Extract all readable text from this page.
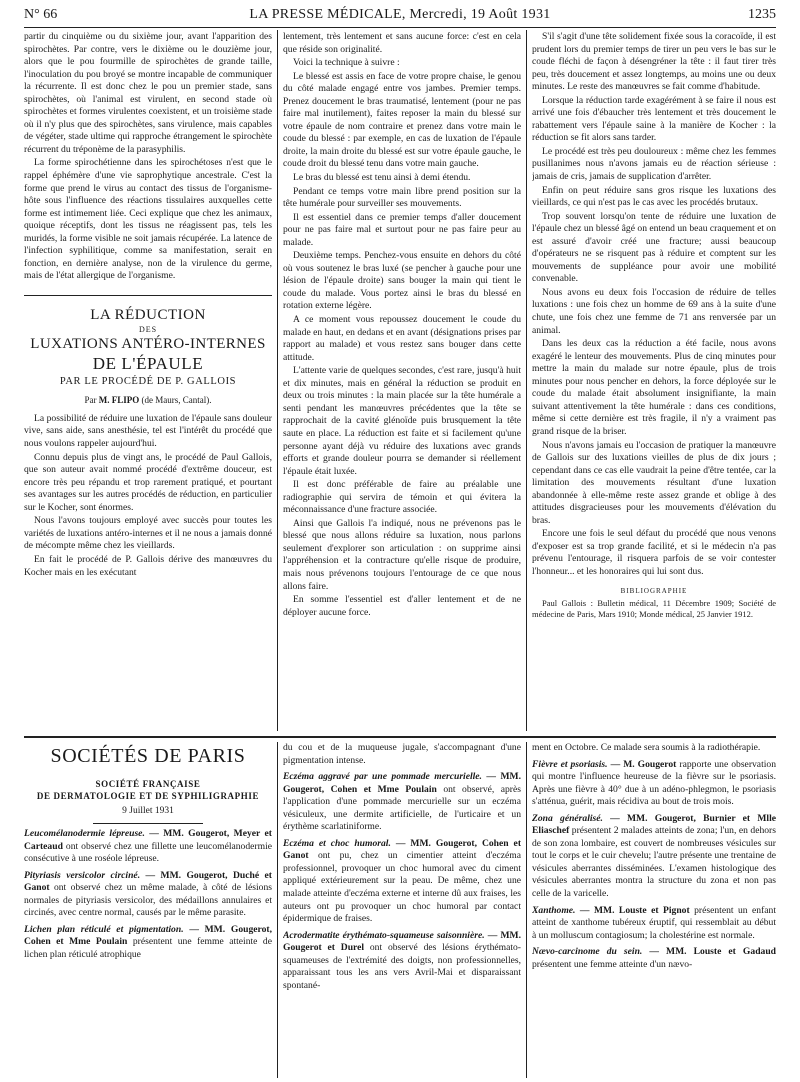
N° 66	LA PRESSE MÉDICALE, Mercredi, 19 Août 1931	1235

partir du cinquième ou du sixième jour, avant l'apparition des spirochètes. Par contre, vers le dixième ou le douzième jour, alors que le pou fourmille de spirochètes de grande taille, l'inoculation du pou broyé se montre incapable de communiquer la récurrente. Il est donc chez le pou un premier stade, sans spirochètes, où l'animal est virulent, en second stade où spirochètes et formes virulentes coexistent, et un troisième stade où il n'y plus que des spirochètes, sans virulence, mais capables de végéter, stade ultime qui rapproche étrangement le spirochète récurrent du tréponème de la parasyphilis.

La forme spirochétienne dans les spirochétoses n'est que le rappel éphémère d'une vie saprophytique ancestrale. C'est la forme que prend le virus au contact des tissus de l'organisme-hôte sous l'influence des réactions tissulaires auxquelles cette forme est intimement liée. Ceci explique que chez les animaux, quoique réceptifs, dont les tissus ne réagissent pas, tels les muridés, la forme visible ne soit jamais récupérée. La latence de l'infection syphilitique, comme sa manifestation, serait en fonction, en dernière analyse, non de la virulence du germe, mais de l'état allergique de l'organisme.

LA RÉDUCTION
DES
LUXATIONS ANTÉRO-INTERNES
DE L'ÉPAULE
PAR LE PROCÉDÉ DE P. GALLOIS
Par M. FLIPO (de Maurs, Cantal).

La possibilité de réduire une luxation de l'épaule sans douleur vive, sans aide, sans anesthésie, tel est l'intérêt du procédé que nous voulons rappeler aujourd'hui.

Connu depuis plus de vingt ans, le procédé de Paul Gallois, que son auteur avait nommé procédé d'extrême douceur, est encore très peu répandu et trop rarement pratiqué, et pourtant ses avantages sur les autres procédés de réduction, en particulier sur le Kocher, sont énormes.

Nous l'avons toujours employé avec succès pour toutes les variétés de luxations antéro-internes et il ne nous a jamais donné de mécompte même chez les vieillards.

En fait le procédé de P. Gallois dérive des manœuvres du Kocher mais en les exécutant

lentement, très lentement et sans aucune force: c'est en cela que réside son originalité.

Voici la technique à suivre :

Le blessé est assis en face de votre propre chaise, le genou du côté malade engagé entre vos jambes. Premier temps. Prenez doucement le bras traumatisé, lentement (pour ne pas faire mal inutilement), faites reposer la main du blessé sur votre épaule de nom contraire et prenez dans votre main le coude du blessé : par exemple, en cas de luxation de l'épaule droite, la main droite du blessé est sur votre épaule gauche, le coude droit du blessé tenu dans votre main gauche.

Le bras du blessé est tenu ainsi à demi étendu.

Pendant ce temps votre main libre prend position sur la tête humérale pour surveiller ses mouvements.

Il est essentiel dans ce premier temps d'aller doucement pour ne pas faire mal et surtout pour ne pas faire peur au malade.

Deuxième temps. Penchez-vous ensuite en dehors du côté où vous soutenez le bras luxé (se pencher à gauche pour une lésion de l'épaule droite) sans bouger la main qui tient le coude du malade. Vous portez ainsi le bras du blessé en rotation externe légère.

A ce moment vous repoussez doucement le coude du malade en haut, en dedans et en avant (désignations prises par rapport au malade) et vous restez sans bouger dans cette attitude.

L'attente varie de quelques secondes, c'est rare, jusqu'à huit et dix minutes, mais en général la réduction se produit en deux ou trois minutes : la main placée sur la tête humérale a senti pendant les manœuvres précédentes que la tête se rapprochait de la cavité glénoïde puis brusquement la tête saute en place. La réduction est faite et si facilement qu'une personne ayant déjà vu réduire des luxations avec grands efforts et grande douleur pourra se demander si réellement l'épaule était luxée.

Il est donc préférable de faire au préalable une radiographie qui servira de témoin et qui évitera la méconnaissance d'une fracture associée.

Ainsi que Gallois l'a indiqué, nous ne prévenons pas le blessé que nous allons réduire sa luxation, nous parlons seulement d'explorer son articulation : on supprime ainsi l'appréhension et la contracture qu'elle risque de produire, mais nous prévenons toujours l'entourage de ce que nous allons faire.

En somme l'essentiel est d'aller lentement et de ne déployer aucune force.

S'il s'agit d'une tête solidement fixée sous la coracoïde, il est prudent lors du premier temps de tirer un peu vers le bas sur le coude fléchi de façon à désengréner la tête : il faut tirer très peu, très doucement et assez longtemps, au moins une ou deux minutes. Le reste des manœuvres se fait comme d'habitude.

Lorsque la réduction tarde exagérément à se faire il nous est arrivé une fois d'ébaucher très lentement et très doucement le rabattement vers l'épaule saine à la manière de Kocher : la réduction se fit alors sans tarder.

Le procédé est très peu douloureux : même chez les femmes pusillanimes nous n'avons jamais eu de réaction sérieuse : jamais de cris, jamais de supplication d'arrêter.

Enfin on peut réduire sans gros risque les luxations des vieillards, ce qui n'est pas le cas avec les procédés brutaux.

Trop souvent lorsqu'on tente de réduire une luxation de l'épaule chez un blessé âgé on entend un beau craquement et on est assuré d'avoir créé une fracture; aussi beaucoup d'opérateurs ne se risquent pas à réduire et comptent sur les mouvements de suppléance pour avoir une mobilité convenable.

Nous avons eu deux fois l'occasion de réduire de telles luxations : une fois chez un homme de 69 ans à la suite d'une chute, une fois chez une femme de 71 ans renversée par un animal.

Dans les deux cas la réduction a été facile, nous avons exagéré le lenteur des mouvements. Plus de cinq minutes pour mettre la main du malade sur notre épaule, plus de trois minutes pour nous pencher en dehors, la force déployée sur le coude du malade était absolument insignifiante, la main suivant attentivement la tête humérale : dans ces conditions, même si cette dernière est très fragile, il n'y a vraiment pas grand risque de la briser.

Nous n'avons jamais eu l'occasion de pratiquer la manœuvre de Gallois sur des luxations vieilles de plus de dix jours ; cependant dans ce cas elle vaudrait la peine d'être tentée, car la limitation des mouvements résultant d'une luxation abandonnée à elle-même reste assez grande et oblige à des attitudes disgracieuses pour les mouvements d'élévation du bras.

Encore une fois le seul défaut du procédé que nous venons d'exposer est sa trop grande facilité, et si le médecin n'a pas prévenu l'entourage, il risquera parfois de se voir contester l'honneur... et les honoraires qui lui sont dus.

BIBLIOGRAPHIE

Paul Gallois : Bulletin médical, 11 Décembre 1909; Société de médecine de Paris, Mars 1910; Monde médical, 25 Janvier 1912.

SOCIÉTÉS DE PARIS
SOCIÉTÉ FRANÇAISE
DE DERMATOLOGIE ET DE SYPHILIGRAPHIE
9 Juillet 1931

Leucomélanodermie lépreuse. — MM. Gougerot, Meyer et Carteaud ont observé chez une fillette une leucomélanodermie consécutive à une roséole lépreuse.

Pityriasis versicolor circiné. — MM. Gougerot, Duché et Ganot ont observé chez un même malade, à côté de lésions normales de pityriasis versicolor, des médaillons annulaires et circinés, avec centre normal, causés par le même parasite.

Lichen plan réticulé et pigmentation. — MM. Gougerot, Cohen et Mme Poulain présentent une femme atteinte de lichen plan réticulé atrophique

du cou et de la muqueuse jugale, s'accompagnant d'une pigmentation intense.

Eczéma aggravé par une pommade mercurielle. — MM. Gougerot, Cohen et Mme Poulain ont observé, après l'application d'une pommade mercurielle sur un eczéma vésiculeux, une dermite artificielle, de l'urticaire et un érythème scarlatiniforme.

Eczéma et choc humoral. — MM. Gougerot, Cohen et Ganot ont pu, chez un cimentier atteint d'eczéma professionnel, provoquer un choc humoral avec du ciment appliqué extérieurement sur la peau. De même, chez une malade atteinte d'eczéma externe et interne dû aux fraises, les auteurs ont pu provoquer un choc humoral par contact épidermique de fraises.

Acrodermatite érythémato-squameuse saisonnière. — MM. Gougerot et Durel ont observé des lésions érythémato-squameuses de l'extrémité des doigts, non professionnelles, apparaissant tous les ans vers Avril-Mai et disparaissant spontané-

ment en Octobre. Ce malade sera soumis à la radiothérapie.

Fièvre et psoriasis. — M. Gougerot rapporte une observation qui montre l'influence heureuse de la fièvre sur le psoriasis. Après une fièvre à 40° due à un adéno-phlegmon, le psoriasis s'atténua, guérit, mais récidiva au bout de trois mois.

Zona généralisé. — MM. Gougerot, Burnier et Mlle Eliaschef présentent 2 malades atteints de zona; l'un, en dehors de son zona lombaire, est couvert de nombreuses vésicules sur tout le corps et le cuir chevelu; l'autre présente une trentaine de vésicules aberrantes disséminées. L'examen histologique des vésicules aberrantes montra la structure du zona et non pas celle de la varicelle.

Xanthome. — MM. Louste et Pignot présentent un enfant atteint de xanthome tubéreux éruptif, qui ressemblait au début à un molluscum contagiosum; la cholestérine est normale.

Nævo-carcinome du sein. — MM. Louste et Gadaud présentent une femme atteinte d'un nævo-
